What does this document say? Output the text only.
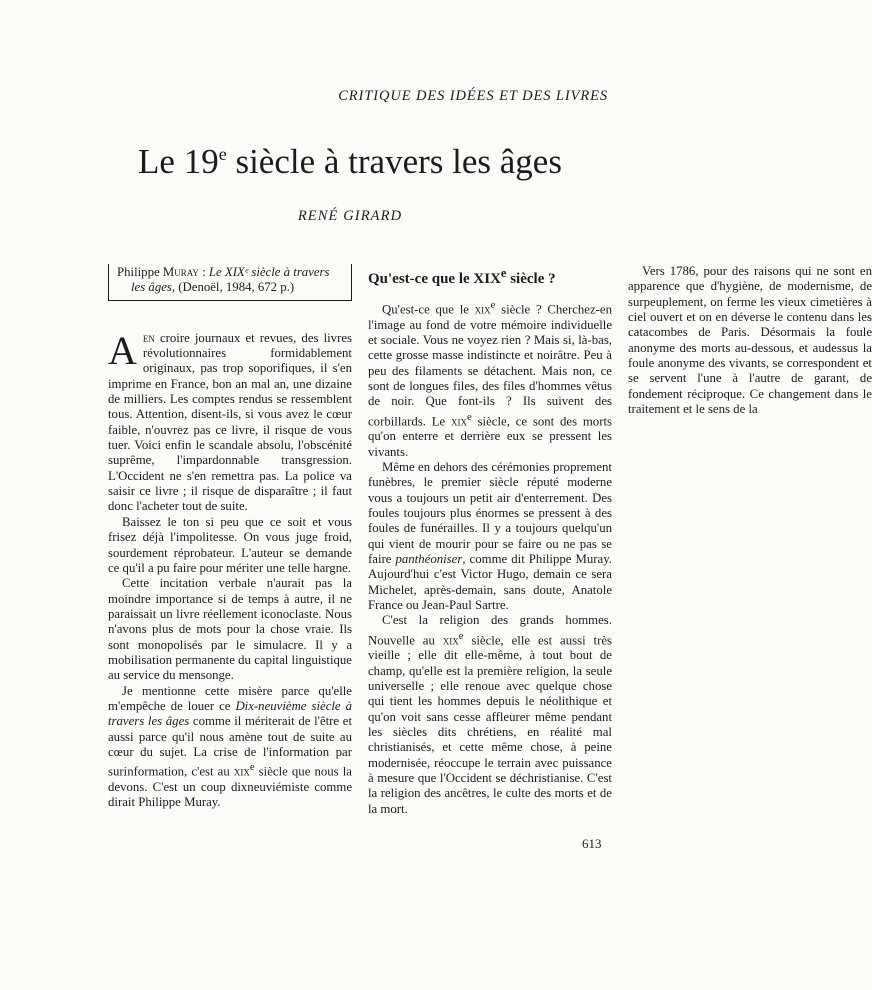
CRITIQUE DES IDÉES ET DES LIVRES
Le 19e siècle à travers les âges
RENÉ GIRARD
Philippe Muray : Le XIXᵉ siècle à travers les âges, (Denoël, 1984, 672 p.)

Aen croire journaux et revues, des livres révolutionnaires formidablement originaux, pas trop soporifiques, il s'en imprime en France, bon an mal an, une dizaine de milliers. Les comptes rendus se ressemblent tous. Attention, disent-ils, si vous avez le cœur faible, n'ouvrez pas ce livre, il risque de vous tuer. Voici enfin le scandale absolu, l'obscénité suprême, l'impardonnable transgression. L'Occident ne s'en remettra pas. La police va saisir ce livre ; il risque de disparaître ; il faut donc l'acheter tout de suite.

Baissez le ton si peu que ce soit et vous frisez déjà l'impolitesse. On vous juge froid, sourdement réprobateur. L'auteur se demande ce qu'il a pu faire pour mériter une telle hargne.

Cette incitation verbale n'aurait pas la moindre importance si de temps à autre, il ne paraissait un livre réellement iconoclaste. Nous n'avons plus de mots pour la chose vraie. Ils sont monopolisés par le simulacre. Il y a mobilisation permanente du capital linguistique au service du mensonge.

Je mentionne cette misère parce qu'elle m'empêche de louer ce Dix-neuvième siècle à travers les âges comme il mériterait de l'être et aussi parce qu'il nous amène tout de suite au cœur du sujet. La crise de l'information par surinformation, c'est au xix$^e$ siècle que nous la devons. C'est un coup dixneuviémiste comme dirait Philippe Muray.

Qu'est-ce que le XIXe siècle ?

Qu'est-ce que le xix$^e$ siècle ? Cherchez-en l'image au fond de votre mémoire individuelle et sociale. Vous ne voyez rien ? Mais si, là-bas, cette grosse masse indistincte et noirâtre. Peu à peu des filaments se détachent. Mais non, ce sont de longues files, des files d'hommes vêtus de noir. Que font-ils ? Ils suivent des corbillards. Le xix$^e$ siècle, ce sont des morts qu'on enterre et derrière eux se pressent les vivants.

Même en dehors des cérémonies proprement funèbres, le premier siècle réputé moderne vous a toujours un petit air d'enterrement. Des foules toujours plus énormes se pressent à des foules de funérailles. Il y a toujours quelqu'un qui vient de mourir pour se faire ou ne pas se faire panthéoniser, comme dit Philippe Muray. Aujourd'hui c'est Victor Hugo, demain ce sera Michelet, après-demain, sans doute, Anatole France ou Jean-Paul Sartre.

C'est la religion des grands hommes. Nouvelle au xix$^e$ siècle, elle est aussi très vieille ; elle dit elle-même, à tout bout de champ, qu'elle est la première religion, la seule universelle ; elle renoue avec quelque chose qui tient les hommes depuis le néolithique et qu'on voit sans cesse affleurer même pendant les siècles dits chrétiens, en réalité mal christianisés, et cette même chose, à peine modernisée, réoccupe le terrain avec puissance à mesure que l'Occident se déchristianise. C'est la religion des ancêtres, le culte des morts et de la mort.

Vers 1786, pour des raisons qui ne sont en apparence que d'hygiène, de modernisme, de surpeuplement, on ferme les vieux cimetières à ciel ouvert et on en déverse le contenu dans les catacombes de Paris. Désormais la foule anonyme des morts au-dessous, et audessus la foule anonyme des vivants, se correspondent et se servent l'une à l'autre de garant, de fondement réciproque. Ce changement dans le traitement et le sens de la

613
